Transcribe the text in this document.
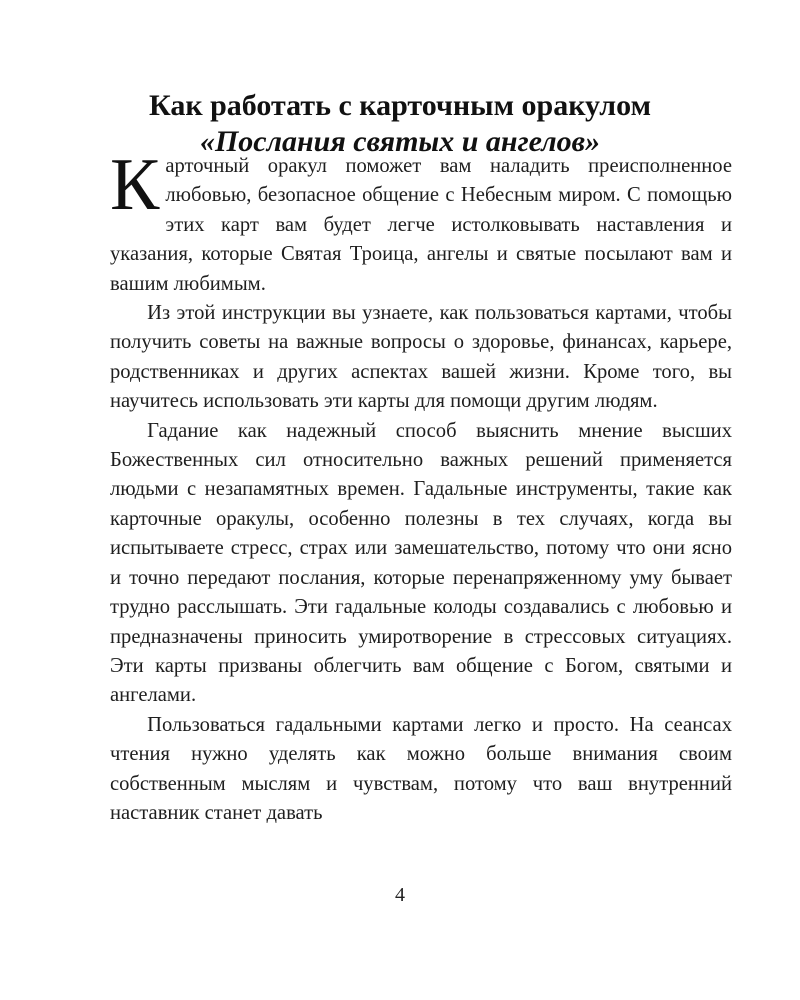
Как работать с карточным оракулом
«Послания святых и ангелов»

Карточный оракул поможет вам наладить преисполненное любовью, безопасное общение с Небесным миром. С помощью этих карт вам будет легче истолковывать наставления и указания, которые Святая Троица, ангелы и святые посылают вам и вашим любимым.

Из этой инструкции вы узнаете, как пользоваться картами, чтобы получить советы на важные вопросы о здоровье, финансах, карьере, родственниках и других аспектах вашей жизни. Кроме того, вы научитесь использовать эти карты для помощи другим людям.

Гадание как надежный способ выяснить мнение высших Божественных сил относительно важных решений применяется людьми с незапамятных времен. Гадальные инструменты, такие как карточные оракулы, особенно полезны в тех случаях, когда вы испытываете стресс, страх или замешательство, потому что они ясно и точно передают послания, которые перенапряженному уму бывает трудно расслышать. Эти гадальные колоды создавались с любовью и предназначены приносить умиротворение в стрессовых ситуациях. Эти карты призваны облегчить вам общение с Богом, святыми и ангелами.

Пользоваться гадальными картами легко и просто. На сеансах чтения нужно уделять как можно больше внимания своим собственным мыслям и чувствам, потому что ваш внутренний наставник станет давать

4
